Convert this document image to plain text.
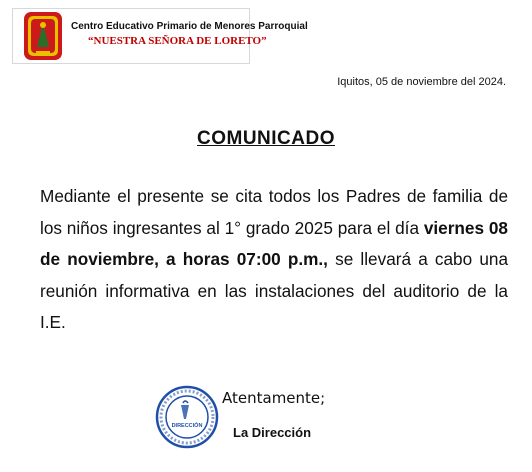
Centro Educativo Primario de Menores Parroquial
“NUESTRA SEÑORA DE LORETO”
Iquitos, 05 de noviembre del 2024.
COMUNICADO
Mediante el presente se cita todos los Padres de familia de los niños ingresantes al 1° grado 2025 para el día viernes 08 de noviembre, a horas 07:00 p.m., se llevará a cabo una reunión informativa en las instalaciones del auditorio de la I.E.
DIRECCIÓN
Atentamente;
La Dirección
